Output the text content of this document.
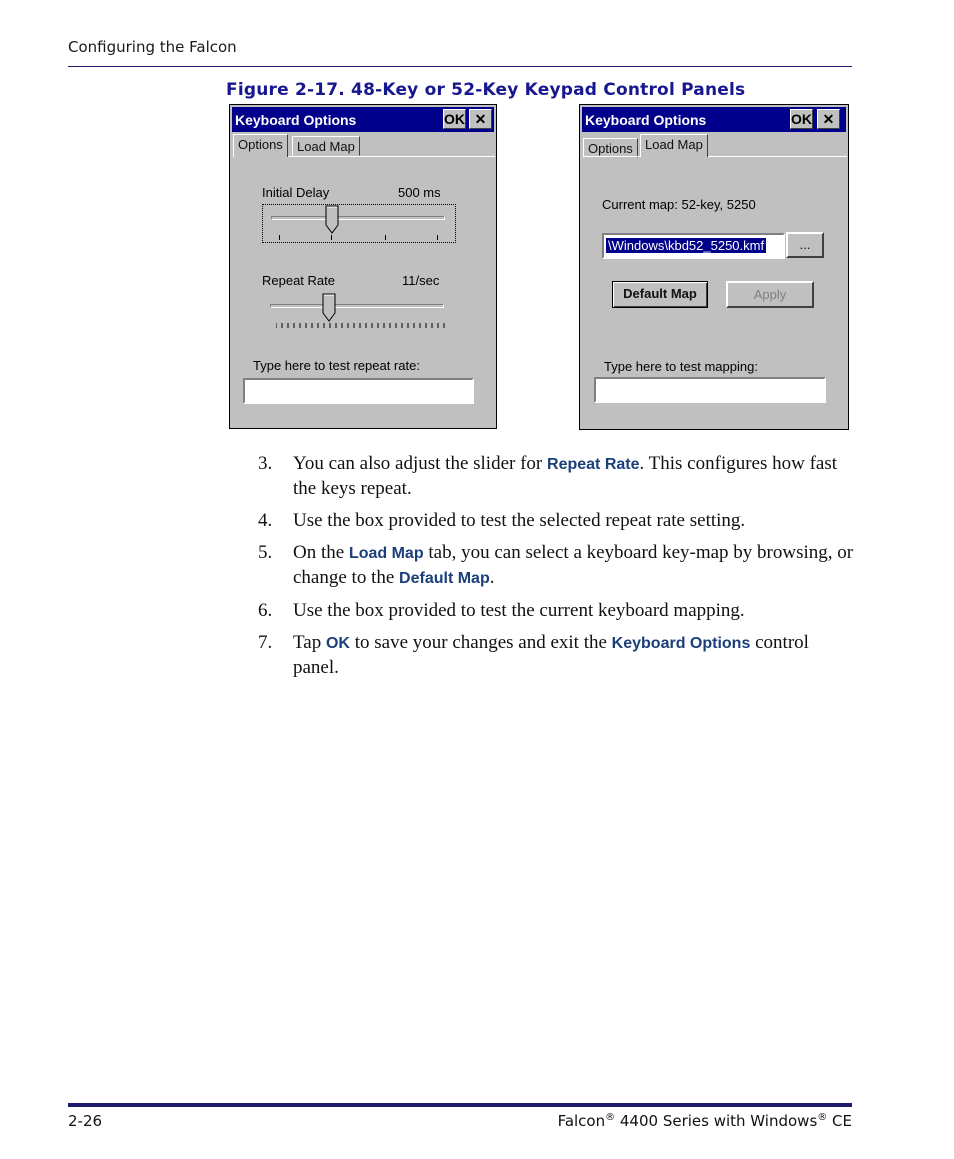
Configuring the Falcon
Figure 2-17. 48-Key or 52-Key Keypad Control Panels
Keyboard Options	OK ✕
Options	Load Map
Initial Delay	500 ms
Repeat Rate	11/sec
Type here to test repeat rate:
Keyboard Options	OK ✕
Options Load Map
Current map: 52-key, 5250
\Windows\kbd52_5250.kmf	...
Default Map	Apply
Type here to test mapping:
3. You can also adjust the slider for Repeat Rate. This configures how fast the keys repeat.
4. Use the box provided to test the selected repeat rate setting.
5. On the Load Map tab, you can select a keyboard key-map by browsing, or change to the Default Map.
6. Use the box provided to test the current keyboard mapping.
7. Tap OK to save your changes and exit the Keyboard Options control panel.
2-26	Falcon® 4400 Series with Windows® CE
